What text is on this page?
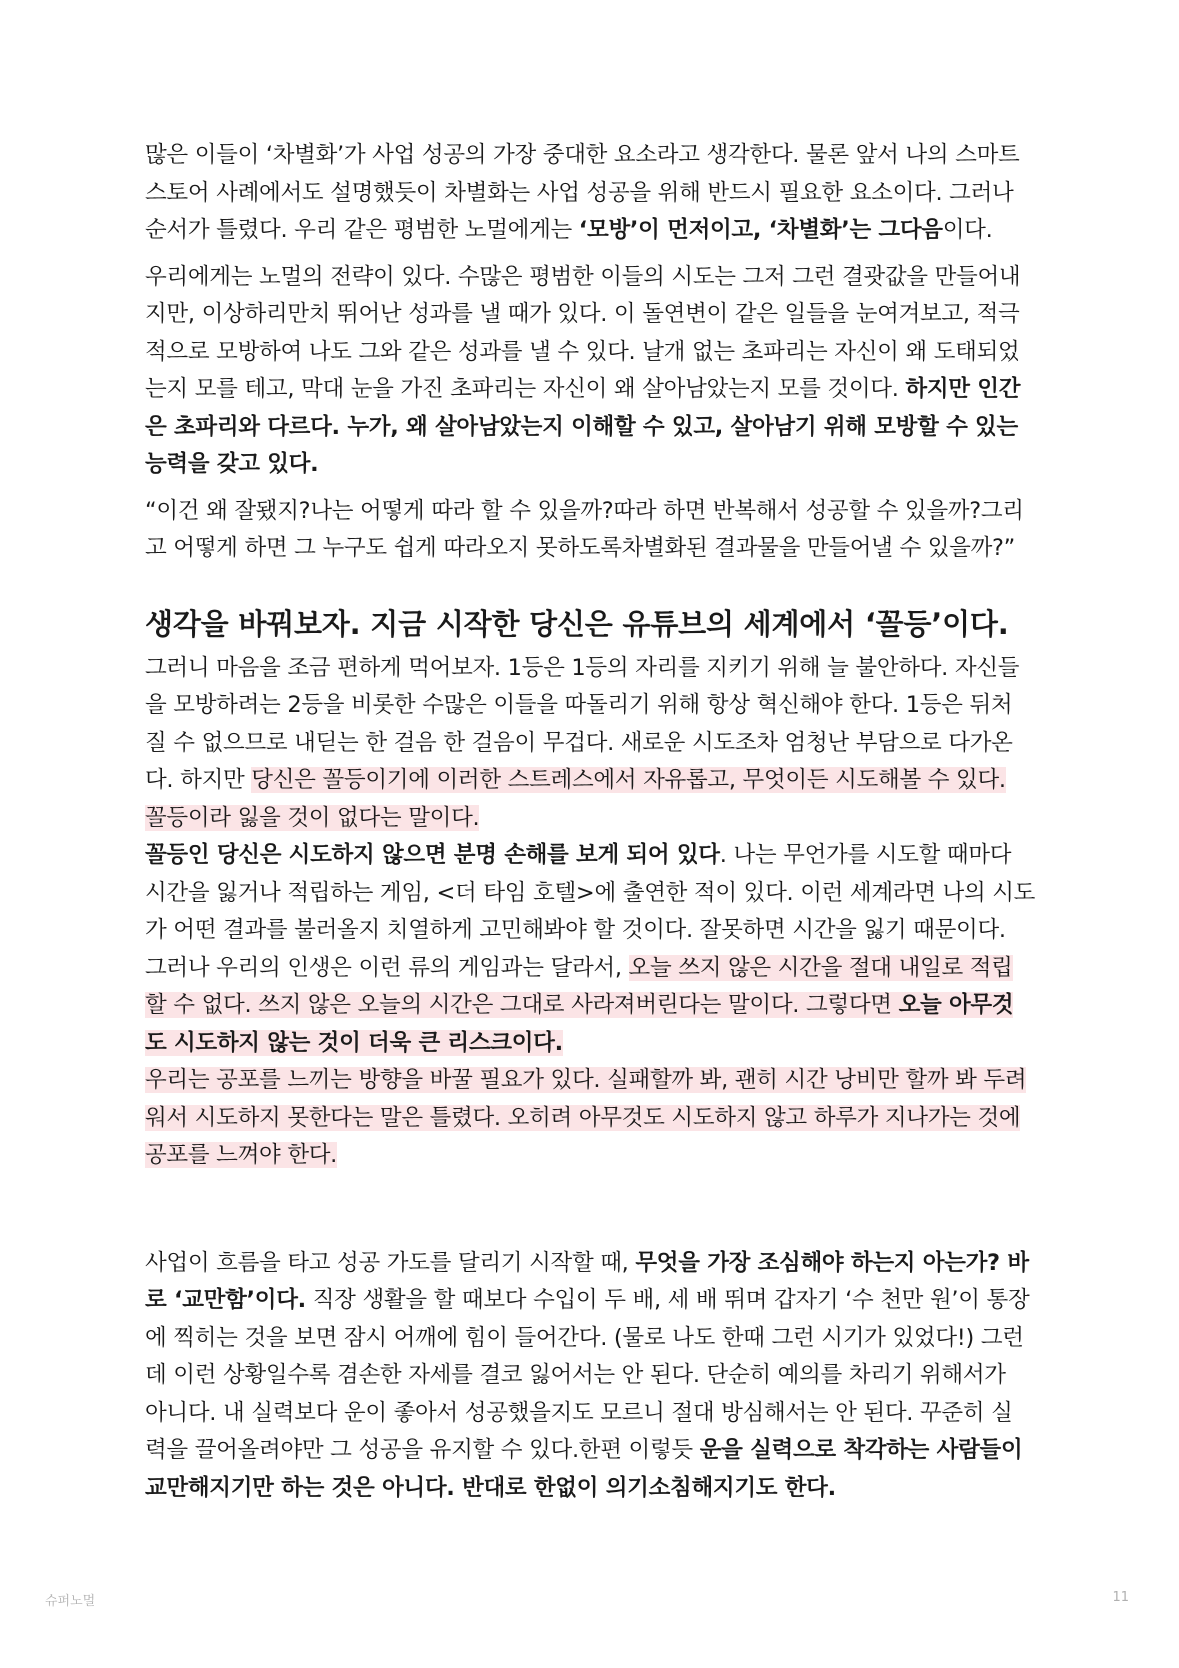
많은 이들이 ‘차별화’가 사업 성공의 가장 중대한 요소라고 생각한다. 물론 앞서 나의 스마트
스토어 사례에서도 설명했듯이 차별화는 사업 성공을 위해 반드시 필요한 요소이다. 그러나
순서가 틀렸다. 우리 같은 평범한 노멀에게는 ‘모방’이 먼저이고, ‘차별화’는 그다음이다.

우리에게는 노멀의 전략이 있다. 수많은 평범한 이들의 시도는 그저 그런 결괏값을 만들어내
지만, 이상하리만치 뛰어난 성과를 낼 때가 있다. 이 돌연변이 같은 일들을 눈여겨보고, 적극
적으로 모방하여 나도 그와 같은 성과를 낼 수 있다. 날개 없는 초파리는 자신이 왜 도태되었
는지 모를 테고, 막대 눈을 가진 초파리는 자신이 왜 살아남았는지 모를 것이다. 하지만 인간
은 초파리와 다르다. 누가, 왜 살아남았는지 이해할 수 있고, 살아남기 위해 모방할 수 있는
능력을 갖고 있다.

“이건 왜 잘됐지?나는 어떻게 따라 할 수 있을까?따라 하면 반복해서 성공할 수 있을까?그리
고 어떻게 하면 그 누구도 쉽게 따라오지 못하도록차별화된 결과물을 만들어낼 수 있을까?”

생각을 바꿔보자. 지금 시작한 당신은 유튜브의 세계에서 ‘꼴등’이다.

그러니 마음을 조금 편하게 먹어보자. 1등은 1등의 자리를 지키기 위해 늘 불안하다. 자신들
을 모방하려는 2등을 비롯한 수많은 이들을 따돌리기 위해 항상 혁신해야 한다. 1등은 뒤처
질 수 없으므로 내딛는 한 걸음 한 걸음이 무겁다. 새로운 시도조차 엄청난 부담으로 다가온
다. 하지만 당신은 꼴등이기에 이러한 스트레스에서 자유롭고, 무엇이든 시도해볼 수 있다.
꼴등이라 잃을 것이 없다는 말이다.

꼴등인 당신은 시도하지 않으면 분명 손해를 보게 되어 있다. 나는 무언가를 시도할 때마다
시간을 잃거나 적립하는 게임, <더 타임 호텔>에 출연한 적이 있다. 이런 세계라면 나의 시도
가 어떤 결과를 불러올지 치열하게 고민해봐야 할 것이다. 잘못하면 시간을 잃기 때문이다.
그러나 우리의 인생은 이런 류의 게임과는 달라서, 오늘 쓰지 않은 시간을 절대 내일로 적립
할 수 없다. 쓰지 않은 오늘의 시간은 그대로 사라져버린다는 말이다. 그렇다면 오늘 아무것
도 시도하지 않는 것이 더욱 큰 리스크이다.

우리는 공포를 느끼는 방향을 바꿀 필요가 있다. 실패할까 봐, 괜히 시간 낭비만 할까 봐 두려
워서 시도하지 못한다는 말은 틀렸다. 오히려 아무것도 시도하지 않고 하루가 지나가는 것에
공포를 느껴야 한다.

사업이 흐름을 타고 성공 가도를 달리기 시작할 때, 무엇을 가장 조심해야 하는지 아는가? 바
로 ‘교만함’이다. 직장 생활을 할 때보다 수입이 두 배, 세 배 뛰며 갑자기 ‘수 천만 원’이 통장
에 찍히는 것을 보면 잠시 어깨에 힘이 들어간다. (물로 나도 한때 그런 시기가 있었다!) 그런
데 이런 상황일수록 겸손한 자세를 결코 잃어서는 안 된다. 단순히 예의를 차리기 위해서가
아니다. 내 실력보다 운이 좋아서 성공했을지도 모르니 절대 방심해서는 안 된다. 꾸준히 실
력을 끌어올려야만 그 성공을 유지할 수 있다.한편 이렇듯 운을 실력으로 착각하는 사람들이
교만해지기만 하는 것은 아니다. 반대로 한없이 의기소침해지기도 한다.

슈퍼노멀	11
